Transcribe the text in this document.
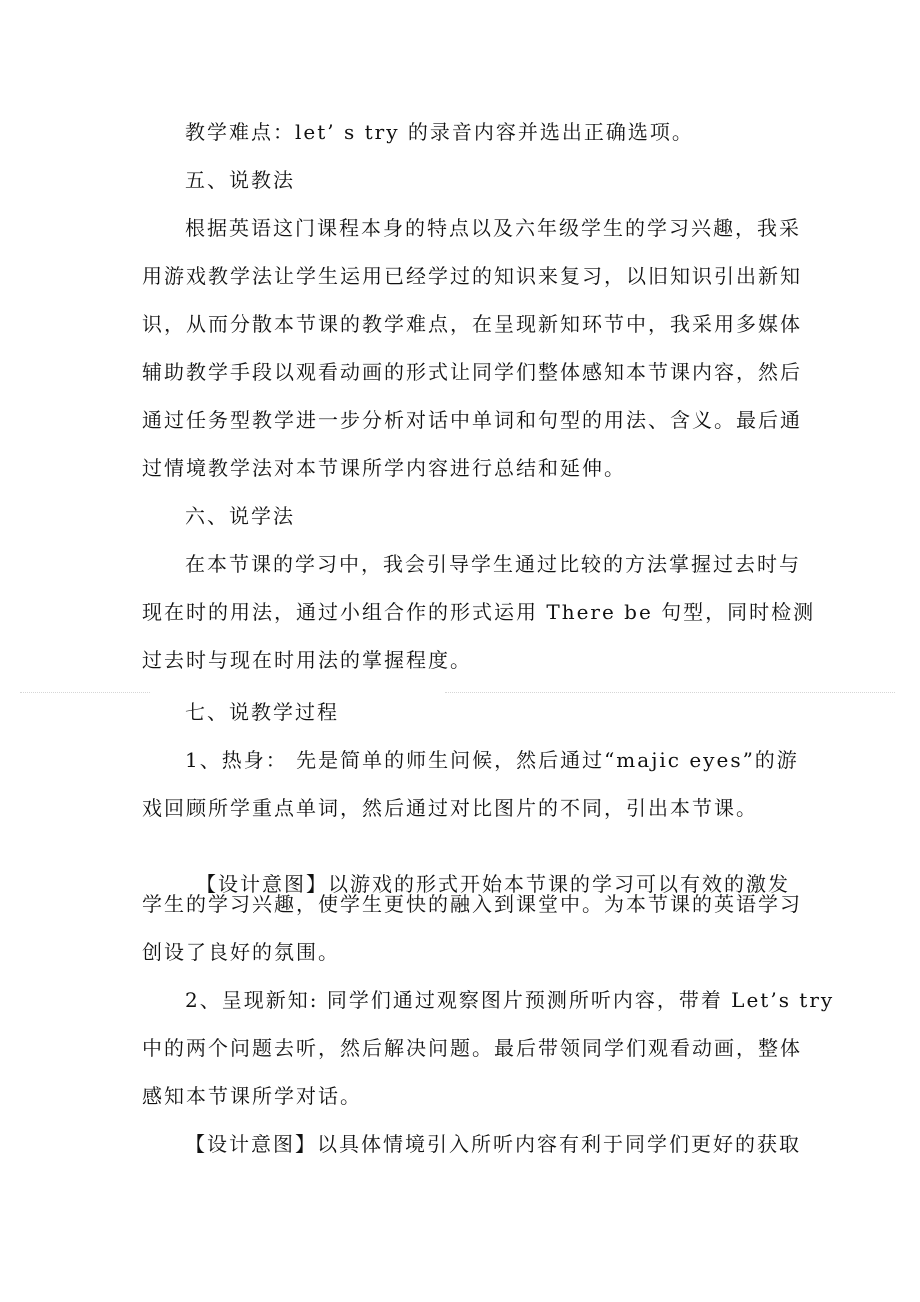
教学难点：let’ s try 的录音内容并选出正确选项。
五、说教法
根据英语这门课程本身的特点以及六年级学生的学习兴趣，我采
用游戏教学法让学生运用已经学过的知识来复习，以旧知识引出新知
识，从而分散本节课的教学难点，在呈现新知环节中，我采用多媒体
辅助教学手段以观看动画的形式让同学们整体感知本节课内容，然后
通过任务型教学进一步分析对话中单词和句型的用法、含义。最后通
过情境教学法对本节课所学内容进行总结和延伸。
六、说学法
在本节课的学习中，我会引导学生通过比较的方法掌握过去时与
现在时的用法，通过小组合作的形式运用 There be 句型，同时检测
过去时与现在时用法的掌握程度。
七、说教学过程
1、热身： 先是简单的师生问候，然后通过“majic eyes”的游
戏回顾所学重点单词，然后通过对比图片的不同，引出本节课。
【设计意图】以游戏的形式开始本节课的学习可以有效的激发
学生的学习兴趣，使学生更快的融入到课堂中。为本节课的英语学习
创设了良好的氛围。
2、呈现新知: 同学们通过观察图片预测所听内容，带着 Let’s try
中的两个问题去听，然后解决问题。最后带领同学们观看动画，整体
感知本节课所学对话。
【设计意图】以具体情境引入所听内容有利于同学们更好的获取
